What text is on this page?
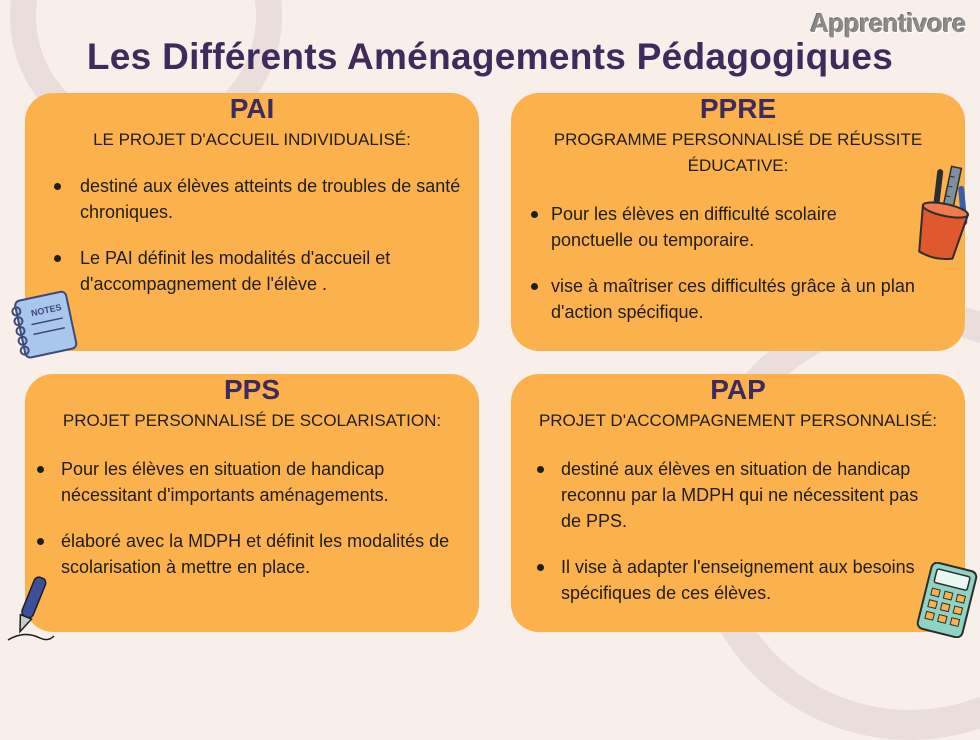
Apprentivore
Les Différents Aménagements Pédagogiques
PAI
LE PROJET D'ACCUEIL INDIVIDUALISÉ:
destiné aux élèves atteints de troubles de santé chroniques.
Le PAI définit les modalités d'accueil et d'accompagnement de l'élève .
PPRE
PROGRAMME PERSONNALISÉ DE RÉUSSITE ÉDUCATIVE:
Pour les élèves en difficulté scolaire ponctuelle ou temporaire.
vise à maîtriser ces difficultés grâce à un plan d'action spécifique.
PPS
PROJET PERSONNALISÉ DE SCOLARISATION:
Pour les élèves en situation de handicap nécessitant d'importants aménagements.
élaboré avec la MDPH et définit les modalités de scolarisation à mettre en place.
PAP
PROJET D'ACCOMPAGNEMENT PERSONNALISÉ:
destiné aux élèves en situation de handicap reconnu par la MDPH qui ne nécessitent pas de PPS.
Il vise à adapter l'enseignement aux besoins spécifiques de ces élèves.
NOTES
